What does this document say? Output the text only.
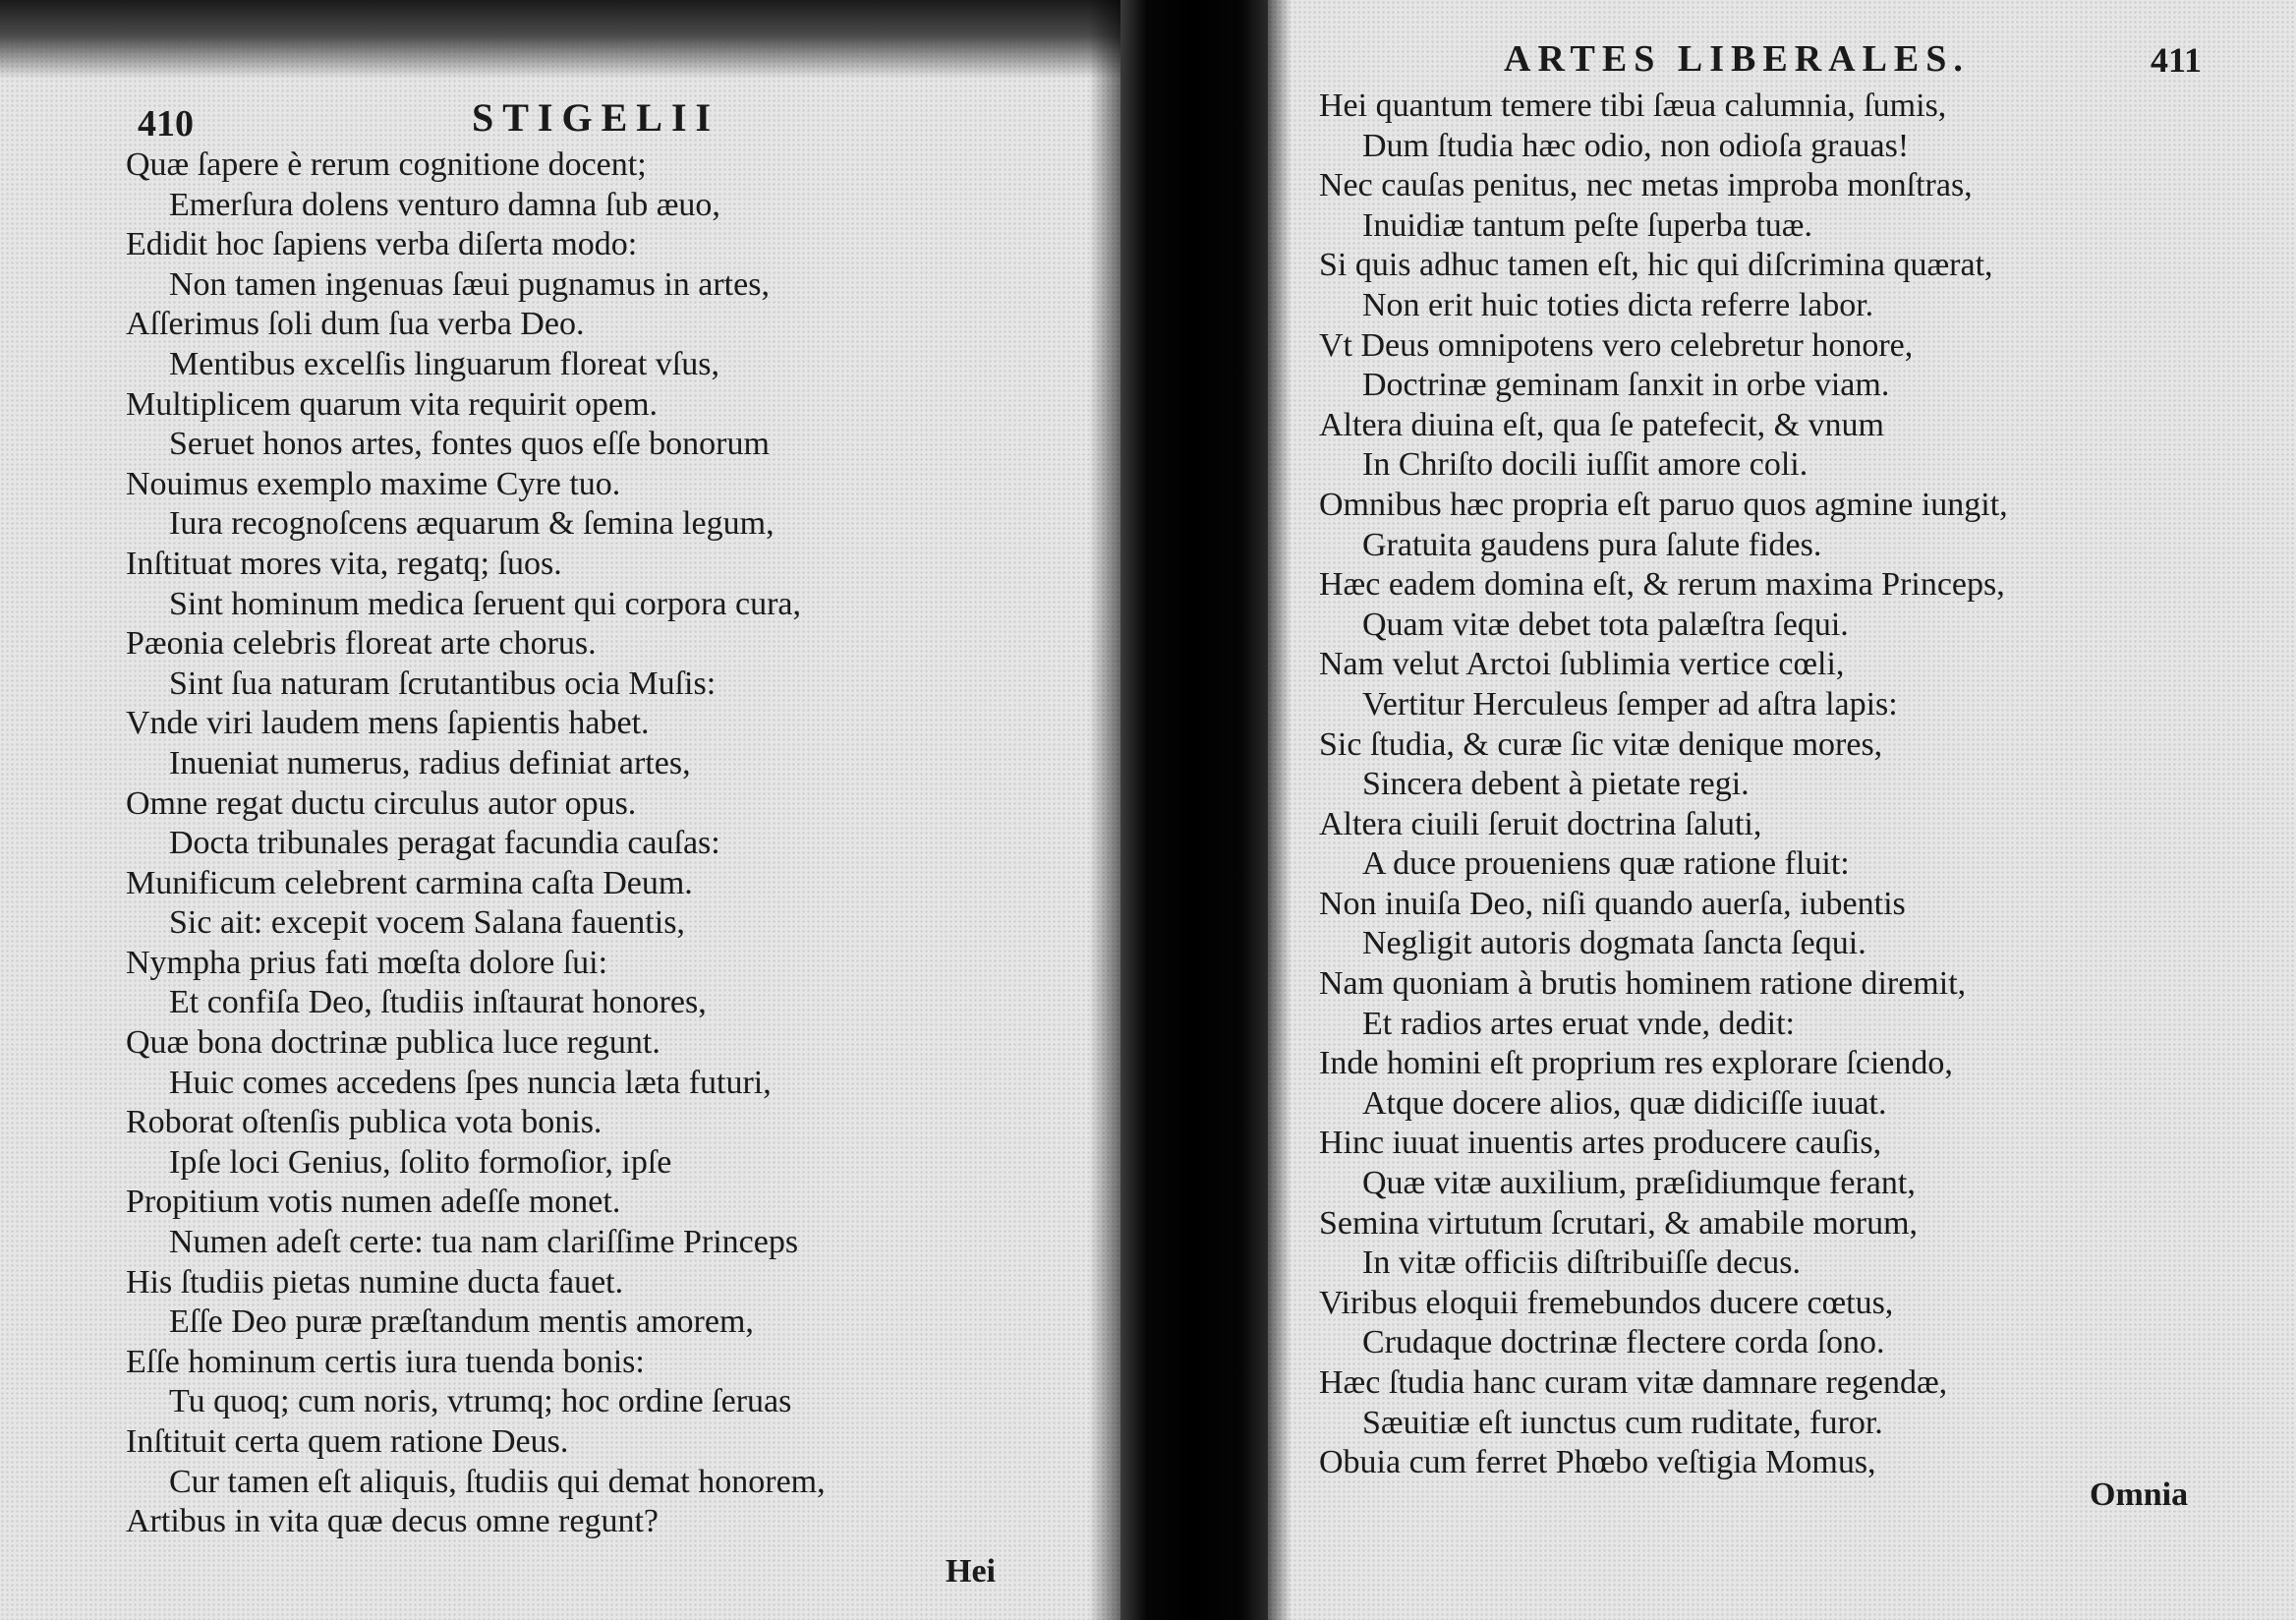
410	STIGELII
Quæ ſapere è rerum cognitione docent;
Emerſura dolens venturo damna ſub æuo,
Edidit hoc ſapiens verba diſerta modo:
Non tamen ingenuas ſæui pugnamus in artes,
Aſſerimus ſoli dum ſua verba Deo.
Mentibus excelſis linguarum floreat vſus,
Multiplicem quarum vita requirit opem.
Seruet honos artes, fontes quos eſſe bonorum
Nouimus exemplo maxime Cyre tuo.
Iura recognoſcens æquarum & ſemina legum,
Inſtituat mores vita, regatq; ſuos.
Sint hominum medica ſeruent qui corpora cura,
Pæonia celebris floreat arte chorus.
Sint ſua naturam ſcrutantibus ocia Muſis:
Vnde viri laudem mens ſapientis habet.
Inueniat numerus, radius definiat artes,
Omne regat ductu circulus autor opus.
Docta tribunales peragat facundia cauſas:
Munificum celebrent carmina caſta Deum.
Sic ait: excepit vocem Salana fauentis,
Nympha prius fati mœſta dolore ſui:
Et confiſa Deo, ſtudiis inſtaurat honores,
Quæ bona doctrinæ publica luce regunt.
Huic comes accedens ſpes nuncia læta futuri,
Roborat oſtenſis publica vota bonis.
Ipſe loci Genius, ſolito formoſior, ipſe
Propitium votis numen adeſſe monet.
Numen adeſt certe: tua nam clariſſime Princeps
His ſtudiis pietas numine ducta fauet.
Eſſe Deo puræ præſtandum mentis amorem,
Eſſe hominum certis iura tuenda bonis:
Tu quoq; cum noris, vtrumq; hoc ordine ſeruas
Inſtituit certa quem ratione Deus.
Cur tamen eſt aliquis, ſtudiis qui demat honorem,
Artibus in vita quæ decus omne regunt?
Hei
ARTES LIBERALES.	411
Hei quantum temere tibi ſæua calumnia, ſumis,
Dum ſtudia hæc odio, non odioſa grauas!
Nec cauſas penitus, nec metas improba monſtras,
Inuidiæ tantum peſte ſuperba tuæ.
Si quis adhuc tamen eſt, hic qui diſcrimina quærat,
Non erit huic toties dicta referre labor.
Vt Deus omnipotens vero celebretur honore,
Doctrinæ geminam ſanxit in orbe viam.
Altera diuina eſt, qua ſe patefecit, & vnum
In Chriſto docili iuſſit amore coli.
Omnibus hæc propria eſt paruo quos agmine iungit,
Gratuita gaudens pura ſalute fides.
Hæc eadem domina eſt, & rerum maxima Princeps,
Quam vitæ debet tota palæſtra ſequi.
Nam velut Arctoi ſublimia vertice cœli,
Vertitur Herculeus ſemper ad aſtra lapis:
Sic ſtudia, & curæ ſic vitæ denique mores,
Sincera debent à pietate regi.
Altera ciuili ſeruit doctrina ſaluti,
A duce proueniens quæ ratione fluit:
Non inuiſa Deo, niſi quando auerſa, iubentis
Negligit autoris dogmata ſancta ſequi.
Nam quoniam à brutis hominem ratione diremit,
Et radios artes eruat vnde, dedit:
Inde homini eſt proprium res explorare ſciendo,
Atque docere alios, quæ didiciſſe iuuat.
Hinc iuuat inuentis artes producere cauſis,
Quæ vitæ auxilium, præſidiumque ferant,
Semina virtutum ſcrutari, & amabile morum,
In vitæ officiis diſtribuiſſe decus.
Viribus eloquii fremebundos ducere cœtus,
Crudaque doctrinæ flectere corda ſono.
Hæc ſtudia hanc curam vitæ damnare regendæ,
Sæuitiæ eſt iunctus cum ruditate, furor.
Obuia cum ferret Phœbo veſtigia Momus,
Omnia
